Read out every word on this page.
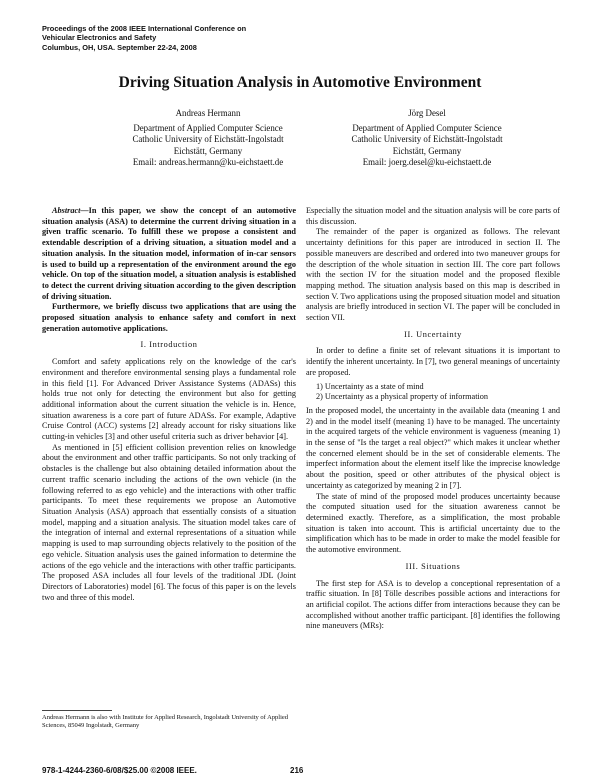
Proceedings of the 2008 IEEE International Conference on
Vehicular Electronics and Safety
Columbus, OH, USA. September 22-24, 2008
Driving Situation Analysis in Automotive Environment
Andreas Hermann
Department of Applied Computer Science
Catholic University of Eichstätt-Ingolstadt
Eichstätt, Germany
Email: andreas.hermann@ku-eichstaett.de
Jörg Desel
Department of Applied Computer Science
Catholic University of Eichstätt-Ingolstadt
Eichstätt, Germany
Email: joerg.desel@ku-eichstaett.de

Abstract—In this paper, we show the concept of an automotive situation analysis (ASA) to determine the current driving situation in a given traffic scenario. To fulfill these we propose a consistent and extendable description of a driving situation, a situation model and a situation analysis. In the situation model, information of in-car sensors is used to build up a representation of the environment around the ego vehicle. On top of the situation model, a situation analysis is established to detect the current driving situation according to the given description of driving situation.

Furthermore, we briefly discuss two applications that are using the proposed situation analysis to enhance safety and comfort in next generation automotive applications.

I. Introduction

Comfort and safety applications rely on the knowledge of the car's environment and therefore environmental sensing plays a fundamental role in this field [1]. For Advanced Driver Assistance Systems (ADASs) this holds true not only for detecting the environment but also for getting additional information about the current situation the vehicle is in. Hence, situation awareness is a core part of future ADASs. For example, Adaptive Cruise Control (ACC) systems [2] already account for risky situations like cutting-in vehicles [3] and other useful criteria such as driver behavior [4].

As mentioned in [5] efficient collision prevention relies on knowledge about the environment and other traffic participants. So not only tracking of obstacles is the challenge but also obtaining detailed information about the current traffic scenario including the actions of the own vehicle (in the following referred to as ego vehicle) and the interactions with other traffic participants. To meet these requirements we propose an Automotive Situation Analysis (ASA) approach that essentially consists of a situation model, mapping and a situation analysis. The situation model takes care of the integration of internal and external representations of a situation while mapping is used to map surrounding objects relatively to the position of the ego vehicle. Situation analysis uses the gained information to determine the actions of the ego vehicle and the interactions with other traffic participants. The proposed ASA includes all four levels of the traditional JDL (Joint Directors of Laboratories) model [6]. The focus of this paper is on the levels two and three of this model.

Andreas Hermann is also with Institute for Applied Research, Ingolstadt University of Applied Sciences, 85049 Ingolstadt, Germany

Especially the situation model and the situation analysis will be core parts of this discussion.

The remainder of the paper is organized as follows. The relevant uncertainty definitions for this paper are introduced in section II. The possible maneuvers are described and ordered into two maneuver groups for the description of the whole situation in section III. The core part follows with the section IV for the situation model and the proposed flexible mapping method. The situation analysis based on this map is described in section V. Two applications using the proposed situation model and situation analysis are briefly introduced in section VI. The paper will be concluded in section VII.

II. Uncertainty

In order to define a finite set of relevant situations it is important to identify the inherent uncertainty. In [7], two general meanings of uncertainty are proposed.

1) Uncertainty as a state of mind
2) Uncertainty as a physical property of information

In the proposed model, the uncertainty in the available data (meaning 1 and 2) and in the model itself (meaning 1) have to be managed. The uncertainty in the acquired targets of the vehicle environment is vagueness (meaning 1) in the sense of "Is the target a real object?" which makes it unclear whether the concerned element should be in the set of considerable elements. The imperfect information about the element itself like the imprecise knowledge about the position, speed or other attributes of the physical object is uncertainty as categorized by meaning 2 in [7].

The state of mind of the proposed model produces uncertainty because the computed situation used for the situation awareness cannot be determined exactly. Therefore, as a simplification, the most probable situation is taken into account. This is artificial uncertainty due to the simplification which has to be made in order to make the model feasible for the automotive environment.

III. Situations

The first step for ASA is to develop a conceptional representation of a traffic situation. In [8] Tölle describes possible actions and interactions for an artificial copilot. The actions differ from interactions because they can be accomplished without another traffic participant. [8] identifies the following nine maneuvers (MRs):

978-1-4244-2360-6/08/$25.00 ©2008 IEEE.	216
